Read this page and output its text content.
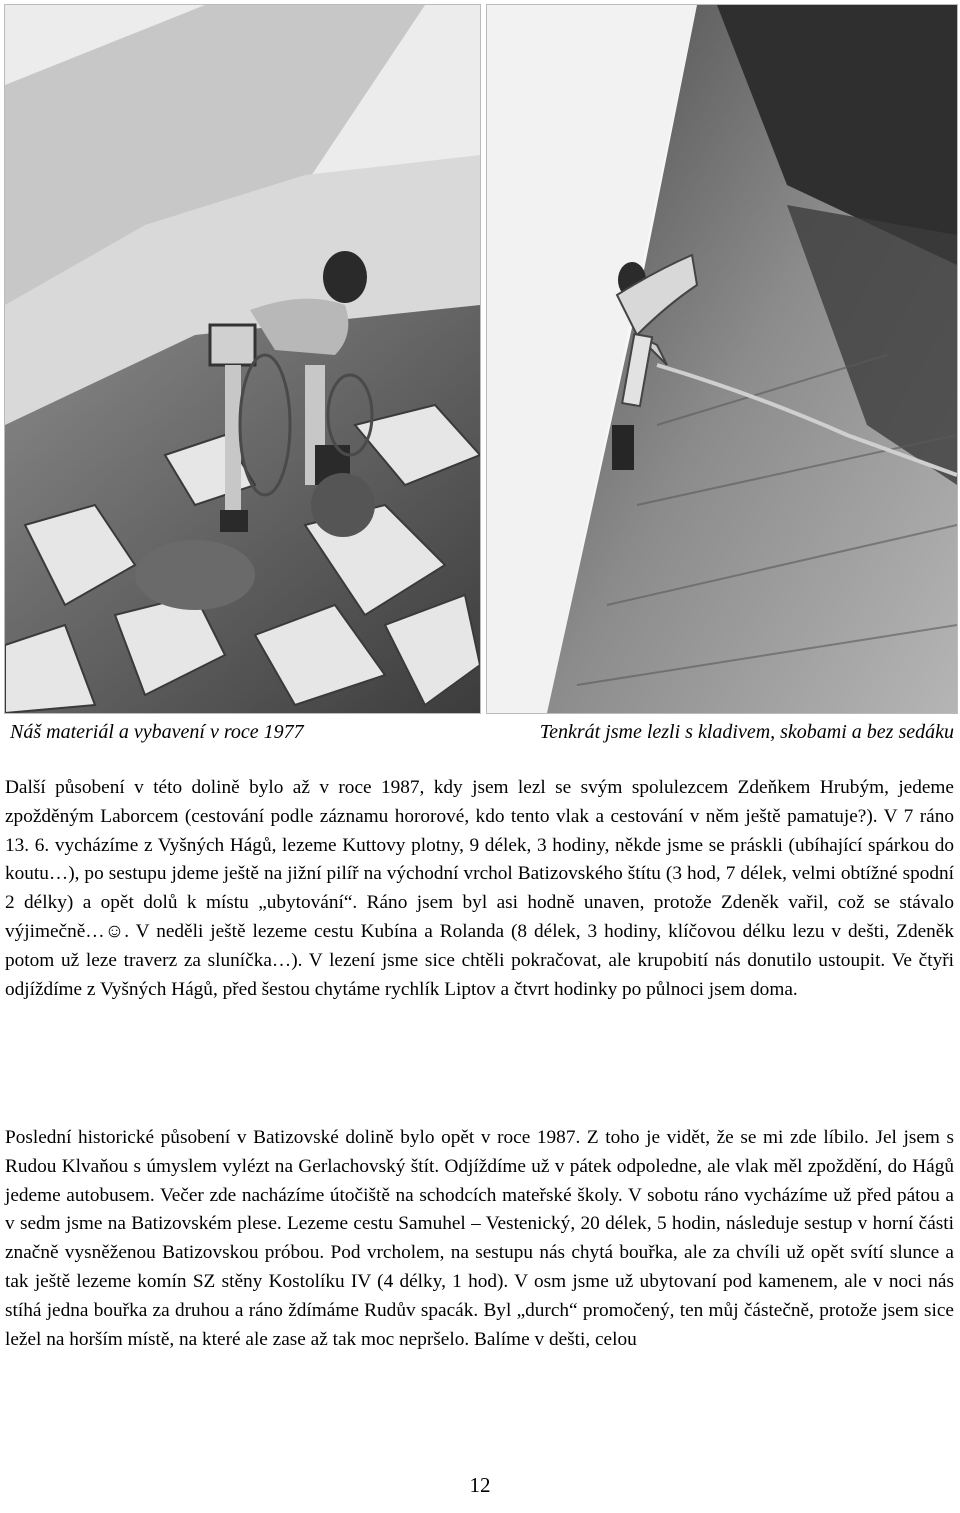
Náš materiál a vybavení v roce 1977	Tenkrát jsme lezli s kladivem, skobami a bez sedáku

Další působení v této dolině bylo až v roce 1987, kdy jsem lezl se svým spolulezcem Zdeňkem Hrubým, jedeme zpožděným Laborcem (cestování podle záznamu hororové, kdo tento vlak a cestování v něm ještě pamatuje?). V 7 ráno 13. 6. vycházíme z Vyšných Hágů, lezeme Kuttovy plotny, 9 délek, 3 hodiny, někde jsme se práskli (ubíhající spárkou do koutu…), po sestupu jdeme ještě na jižní pilíř na východní vrchol Batizovského štítu (3 hod, 7 délek, velmi obtížné spodní 2 délky) a opět dolů k místu „ubytování“. Ráno jsem byl asi hodně unaven, protože Zdeněk vařil, což se stávalo výjimečně…☺. V neděli ještě lezeme cestu Kubína a Rolanda (8 délek, 3 hodiny, klíčovou délku lezu v dešti, Zdeněk potom už leze traverz za sluníčka…). V lezení jsme sice chtěli pokračovat, ale krupobití nás donutilo ustoupit. Ve čtyři odjíždíme z Vyšných Hágů, před šestou chytáme rychlík Liptov a čtvrt hodinky po půlnoci jsem doma.

Poslední historické působení v Batizovské dolině bylo opět v roce 1987. Z toho je vidět, že se mi zde líbilo. Jel jsem s Rudou Klvaňou s úmyslem vylézt na Gerlachovský štít. Odjíždíme už v pátek odpoledne, ale vlak měl zpoždění, do Hágů jedeme autobusem. Večer zde nacházíme útočiště na schodcích mateřské školy. V sobotu ráno vycházíme už před pátou a v sedm jsme na Batizovském plese. Lezeme cestu Samuhel – Vestenický, 20 délek, 5 hodin, následuje sestup v horní části značně vysněženou Batizovskou próbou. Pod vrcholem, na sestupu nás chytá bouřka, ale za chvíli už opět svítí slunce a tak ještě lezeme komín SZ stěny Kostolíku IV (4 délky, 1 hod). V osm jsme už ubytovaní pod kamenem, ale v noci nás stíhá jedna bouřka za druhou a ráno ždímáme Rudův spacák. Byl „durch“ promočený, ten můj částečně, protože jsem sice ležel na horším místě, na které ale zase až tak moc nepršelo. Balíme v dešti, celou

12
